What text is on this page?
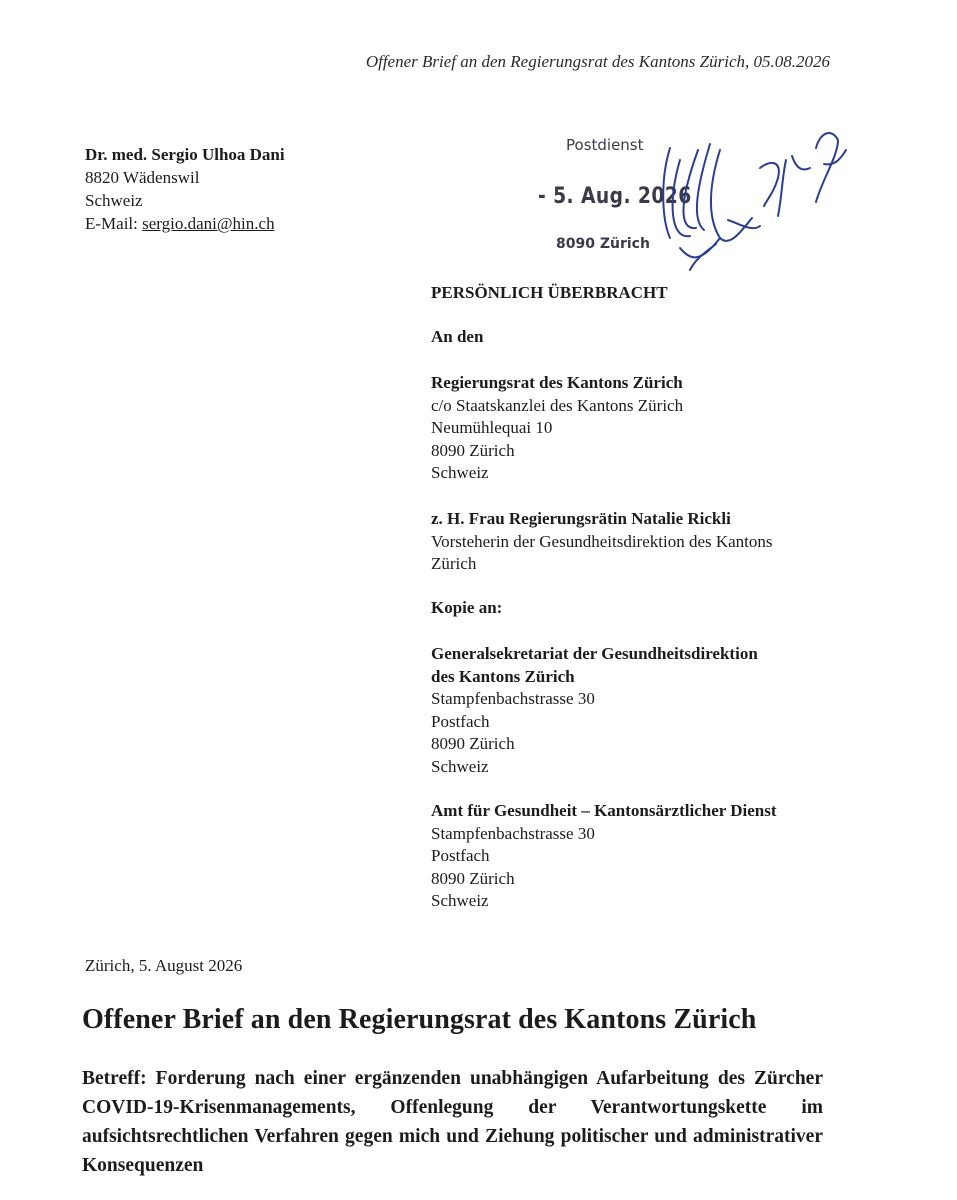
Offener Brief an den Regierungsrat des Kantons Zürich, 05.08.2026
Dr. med. Sergio Ulhoa Dani
8820 Wädenswil
Schweiz
E-Mail: sergio.dani@hin.ch
Postdienst
- 5. Aug. 2026
8090 Zürich
PERSÖNLICH ÜBERBRACHT
An den
Regierungsrat des Kantons Zürich
c/o Staatskanzlei des Kantons Zürich
Neumühlequai 10
8090 Zürich
Schweiz
z. H. Frau Regierungsrätin Natalie Rickli
Vorsteherin der Gesundheitsdirektion des Kantons
Zürich
Kopie an:
Generalsekretariat der Gesundheitsdirektion
des Kantons Zürich
Stampfenbachstrasse 30
Postfach
8090 Zürich
Schweiz
Amt für Gesundheit – Kantonsärztlicher Dienst
Stampfenbachstrasse 30
Postfach
8090 Zürich
Schweiz
Zürich, 5. August 2026
Offener Brief an den Regierungsrat des Kantons Zürich
Betreff: Forderung nach einer ergänzenden unabhängigen Aufarbeitung des Zürcher COVID-19-Krisenmanagements, Offenlegung der Verantwortungskette im aufsichtsrechtlichen Verfahren gegen mich und Ziehung politischer und administrativer Konsequenzen
